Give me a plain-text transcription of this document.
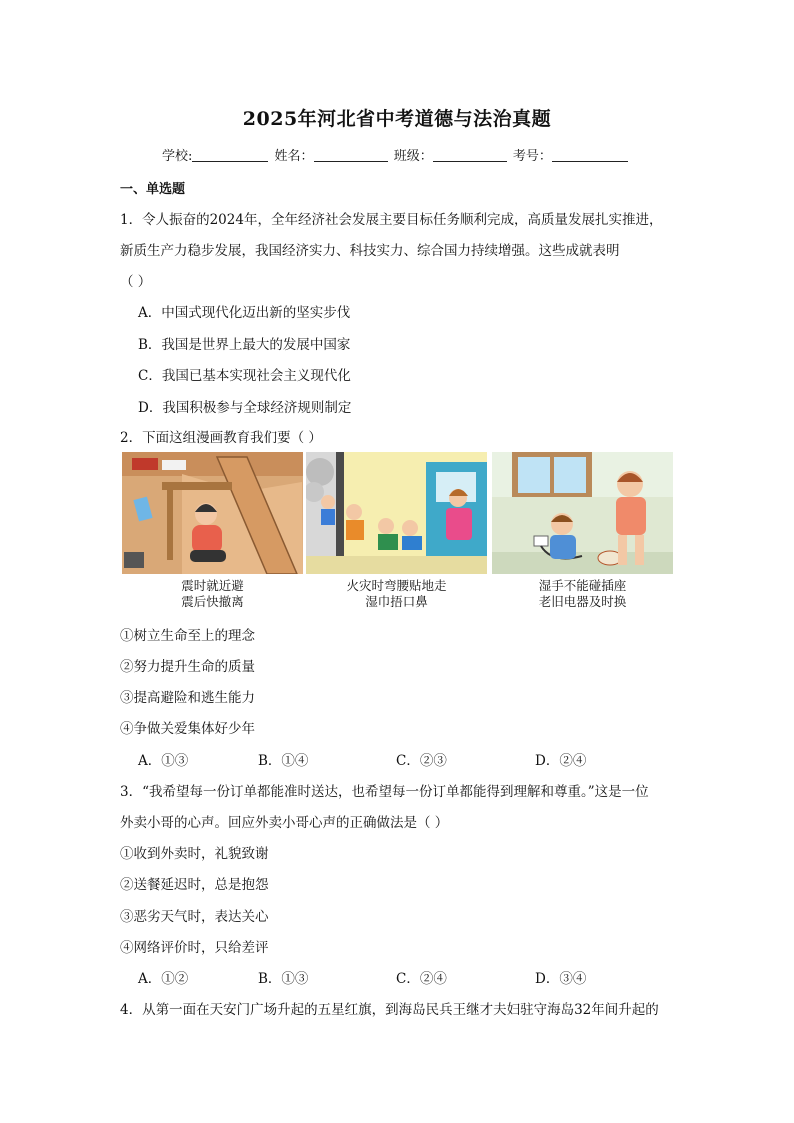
2025年河北省中考道德与法治真题
学校:	姓名：	班级：	考号：
一、单选题
1．令人振奋的2024年，全年经济社会发展主要目标任务顺利完成，高质量发展扎实推进，
新质生产力稳步发展，我国经济实力、科技实力、综合国力持续增强。这些成就表明
（ ）
A．中国式现代化迈出新的坚实步伐
B．我国是世界上最大的发展中国家
C．我国已基本实现社会主义现代化
D．我国积极参与全球经济规则制定
2．下面这组漫画教育我们要（ ）
震时就近避
震后快撤离
火灾时弯腰贴地走
湿巾捂口鼻
湿手不能碰插座
老旧电器及时换
①树立生命至上的理念
②努力提升生命的质量
③提高避险和逃生能力
④争做关爱集体好少年
A．①③	B．①④	C．②③	D．②④
3．“我希望每一份订单都能准时送达，也希望每一份订单都能得到理解和尊重。”这是一位
外卖小哥的心声。回应外卖小哥心声的正确做法是（ ）
①收到外卖时，礼貌致谢
②送餐延迟时，总是抱怨
③恶劣天气时，表达关心
④网络评价时，只给差评
A．①②	B．①③	C．②④	D．③④
4．从第一面在天安门广场升起的五星红旗，到海岛民兵王继才夫妇驻守海岛32年间升起的
